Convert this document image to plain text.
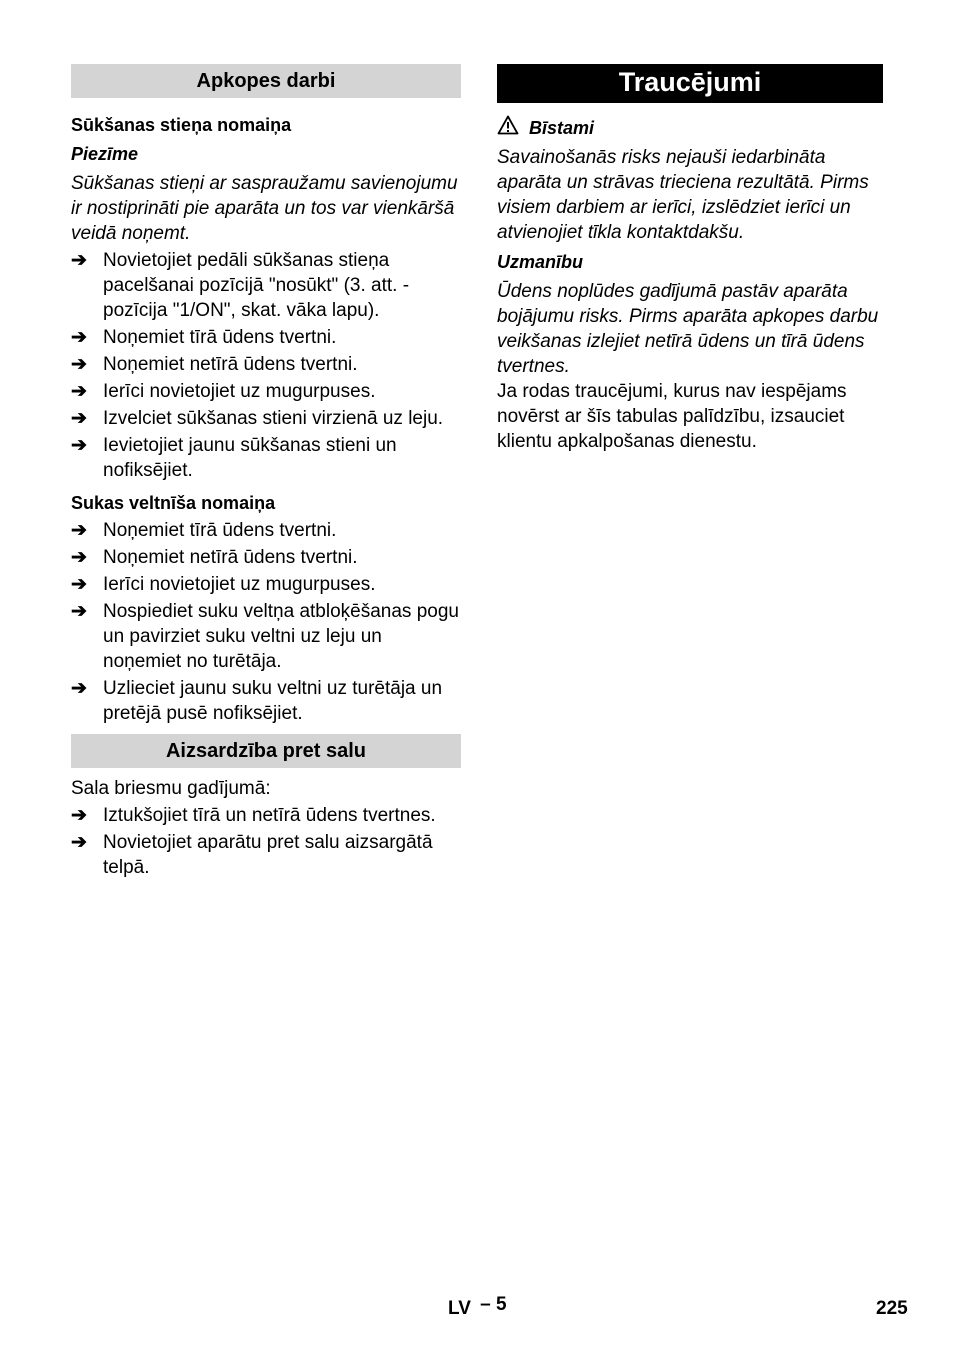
Apkopes darbi
Sūkšanas stieņa nomaiņa
Piezīme

Sūkšanas stieņi ar saspraužamu savienojumu ir nostiprināti pie aparāta un tos var vienkāršā veidā noņemt.

➔ Novietojiet pedāli sūkšanas stieņa pacelšanai pozīcijā "nosūkt" (3. att. - pozīcija "1/ON", skat. vāka lapu).
➔ Noņemiet tīrā ūdens tvertni.
➔ Noņemiet netīrā ūdens tvertni.
➔ Ierīci novietojiet uz mugurpuses.
➔ Izvelciet sūkšanas stieni virzienā uz leju.
➔ Ievietojiet jaunu sūkšanas stieni un nofiksējiet.
Sukas veltnīša nomaiņa
➔ Noņemiet tīrā ūdens tvertni.
➔ Noņemiet netīrā ūdens tvertni.
➔ Ierīci novietojiet uz mugurpuses.
➔ Nospiediet suku veltņa atbloķēšanas pogu un pavirziet suku veltni uz leju un noņemiet no turētāja.
➔ Uzlieciet jaunu suku veltni uz turētāja un pretējā pusē nofiksējiet.
Aizsardzība pret salu

Sala briesmu gadījumā:

➔ Iztukšojiet tīrā un netīrā ūdens tvertnes.
➔ Novietojiet aparātu pret salu aizsargātā telpā.
Traucējumi
Bīstami

Savainošanās risks nejauši iedarbināta aparāta un strāvas trieciena rezultātā. Pirms visiem darbiem ar ierīci, izslēdziet ierīci un atvienojiet tīkla kontaktdakšu.

Uzmanību

Ūdens noplūdes gadījumā pastāv aparāta bojājumu risks. Pirms aparāta apkopes darbu veikšanas izlejiet netīrā ūdens un tīrā ūdens tvertnes.

Ja rodas traucējumi, kurus nav iespējams novērst ar šīs tabulas palīdzību, izsauciet klientu apkalpošanas dienestu.

LV – 5	225
